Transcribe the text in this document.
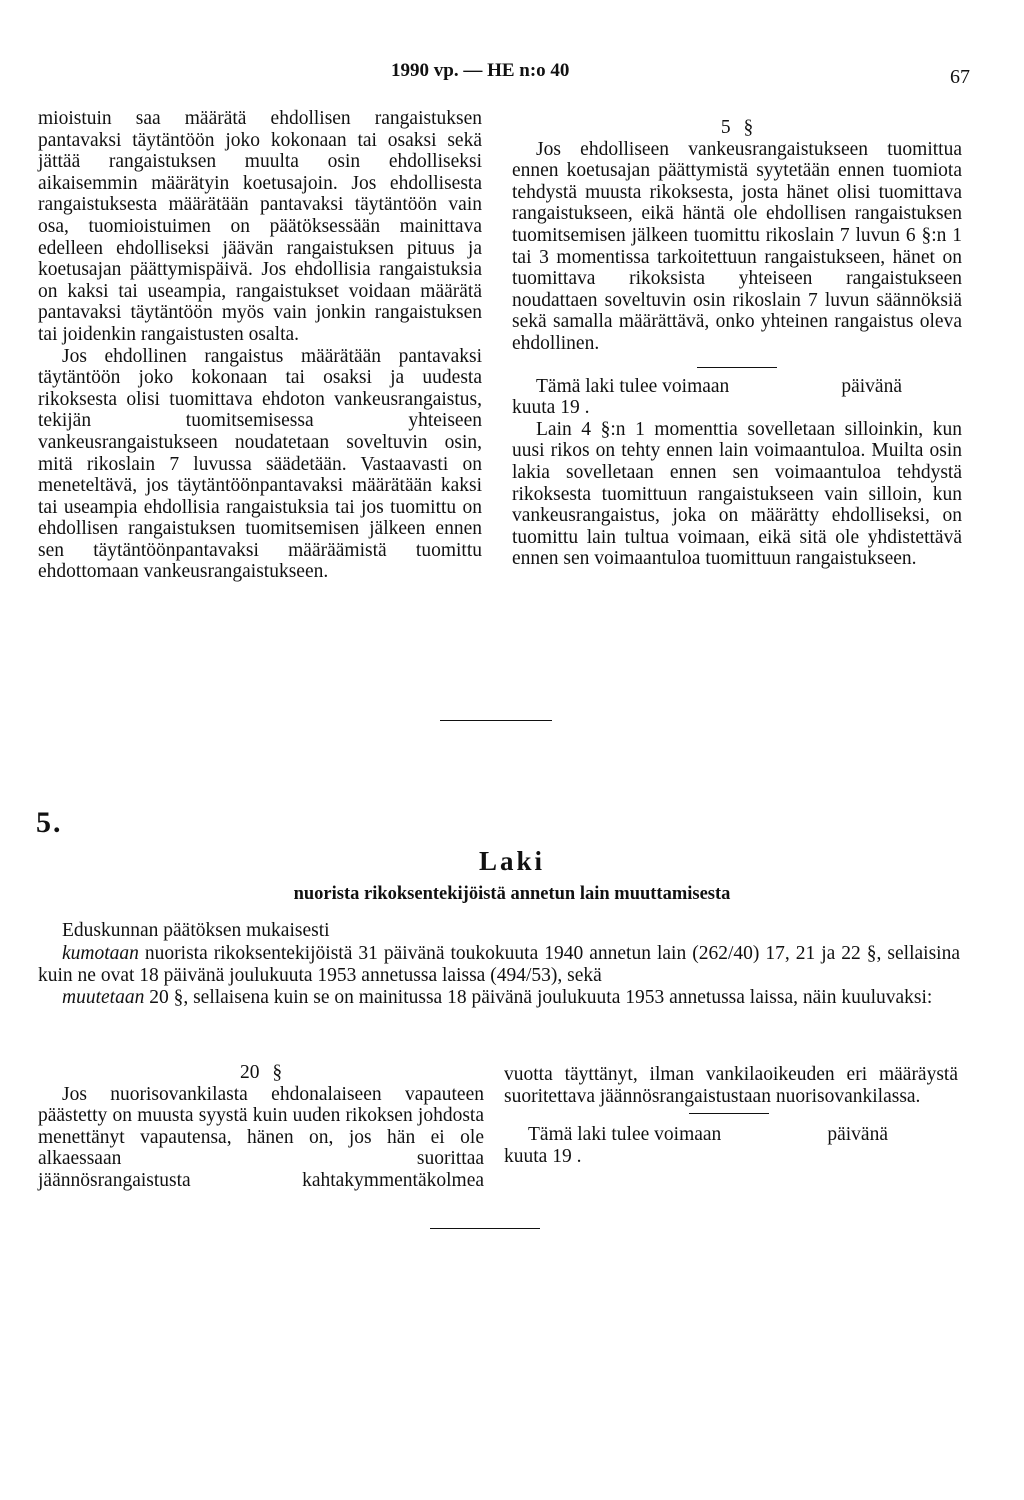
1990 vp. — HE n:o 40	67

mioistuin saa määrätä ehdollisen rangaistuksen pantavaksi täytäntöön joko kokonaan tai osaksi sekä jättää rangaistuksen muulta osin ehdolliseksi aikaisemmin määrätyin koetusajoin. Jos ehdollisesta rangaistuksesta määrätään pantavaksi täytäntöön vain osa, tuomioistuimen on päätöksessään mainittava edelleen ehdolliseksi jäävän rangaistuksen pituus ja koetusajan päättymispäivä. Jos ehdollisia rangaistuksia on kaksi tai useampia, rangaistukset voidaan määrätä pantavaksi täytäntöön myös vain jonkin rangaistuksen tai joidenkin rangaistusten osalta.

Jos ehdollinen rangaistus määrätään pantavaksi täytäntöön joko kokonaan tai osaksi ja uudesta rikoksesta olisi tuomittava ehdoton vankeusrangaistus, tekijän tuomitsemisessa yhteiseen vankeusrangaistukseen noudatetaan soveltuvin osin, mitä rikoslain 7 luvussa säädetään. Vastaavasti on meneteltävä, jos täytäntöönpantavaksi määrätään kaksi tai useampia ehdollisia rangaistuksia tai jos tuomittu on ehdollisen rangaistuksen tuomitsemisen jälkeen ennen sen täytäntöönpantavaksi määräämistä tuomittu ehdottomaan vankeusrangaistukseen.

5 §

Jos ehdolliseen vankeusrangaistukseen tuomittua ennen koetusajan päättymistä syytetään ennen tuomiota tehdystä muusta rikoksesta, josta hänet olisi tuomittava rangaistukseen, eikä häntä ole ehdollisen rangaistuksen tuomitsemisen jälkeen tuomittu rikoslain 7 luvun 6 §:n 1 tai 3 momentissa tarkoitettuun rangaistukseen, hänet on tuomittava rikoksista yhteiseen rangaistukseen noudattaen soveltuvin osin rikoslain 7 luvun säännöksiä sekä samalla määrättävä, onko yhteinen rangaistus oleva ehdollinen.

Tämä laki tulee voimaan	päivänä

kuuta 19 .

Lain 4 §:n 1 momenttia sovelletaan silloinkin, kun uusi rikos on tehty ennen lain voimaantuloa. Muilta osin lakia sovelletaan ennen sen voimaantuloa tehdystä rikoksesta tuomittuun rangaistukseen vain silloin, kun vankeusrangaistus, joka on määrätty ehdolliseksi, on tuomittu lain tultua voimaan, eikä sitä ole yhdistettävä ennen sen voimaantuloa tuomittuun rangaistukseen.

5.
Laki
nuorista rikoksentekijöistä annetun lain muuttamisesta

Eduskunnan päätöksen mukaisesti

kumotaan nuorista rikoksentekijöistä 31 päivänä toukokuuta 1940 annetun lain (262/40) 17, 21 ja 22 §, sellaisina kuin ne ovat 18 päivänä joulukuuta 1953 annetussa laissa (494/53), sekä

muutetaan 20 §, sellaisena kuin se on mainitussa 18 päivänä joulukuuta 1953 annetussa laissa, näin kuuluvaksi:

20 §

Jos nuorisovankilasta ehdonalaiseen vapauteen päästetty on muusta syystä kuin uuden rikoksen johdosta menettänyt vapautensa, hänen on, jos hän ei ole alkaessaan suorittaa

jäännösrangaistusta	kahtakymmentäkolmea

vuotta täyttänyt, ilman vankilaoikeuden eri määräystä suoritettava jäännösrangaistustaan nuorisovankilassa.

Tämä laki tulee voimaan	päivänä

kuuta 19 .
